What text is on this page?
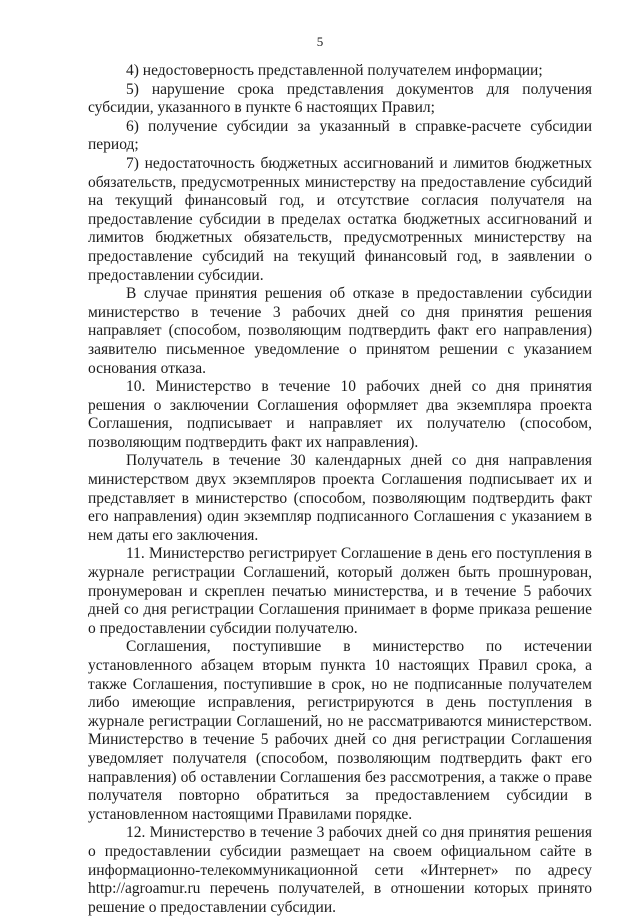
5

4) недостоверность представленной получателем информации;

5) нарушение срока представления документов для получения субсидии, указанного в пункте 6 настоящих Правил;

6) получение субсидии за указанный в справке-расчете субсидии период;

7) недостаточность бюджетных ассигнований и лимитов бюджетных обязательств, предусмотренных министерству на предоставление субсидий на текущий финансовый год, и отсутствие согласия получателя на предоставление субсидии в пределах остатка бюджетных ассигнований и лимитов бюджетных обязательств, предусмотренных министерству на предоставление субсидий на текущий финансовый год, в заявлении о предоставлении субсидии.

В случае принятия решения об отказе в предоставлении субсидии министерство в течение 3 рабочих дней со дня принятия решения направляет (способом, позволяющим подтвердить факт его направления) заявителю письменное уведомление о принятом решении с указанием основания отказа.

10. Министерство в течение 10 рабочих дней со дня принятия решения о заключении Соглашения оформляет два экземпляра проекта Соглашения, подписывает и направляет их получателю (способом, позволяющим подтвердить факт их направления).

Получатель в течение 30 календарных дней со дня направления министерством двух экземпляров проекта Соглашения подписывает их и представляет в министерство (способом, позволяющим подтвердить факт его направления) один экземпляр подписанного Соглашения с указанием в нем даты его заключения.

11. Министерство регистрирует Соглашение в день его поступления в журнале регистрации Соглашений, который должен быть прошнурован, пронумерован и скреплен печатью министерства, и в течение 5 рабочих дней со дня регистрации Соглашения принимает в форме приказа решение о предоставлении субсидии получателю.

Соглашения, поступившие в министерство по истечении установленного абзацем вторым пункта 10 настоящих Правил срока, а также Соглашения, поступившие в срок, но не подписанные получателем либо имеющие исправления, регистрируются в день поступления в журнале регистрации Соглашений, но не рассматриваются министерством. Министерство в течение 5 рабочих дней со дня регистрации Соглашения уведомляет получателя (способом, позволяющим подтвердить факт его направления) об оставлении Соглашения без рассмотрения, а также о праве получателя повторно обратиться за предоставлением субсидии в установленном настоящими Правилами порядке.

12. Министерство в течение 3 рабочих дней со дня принятия решения о предоставлении субсидии размещает на своем официальном сайте в информационно-телекоммуникационной сети «Интернет» по адресу http://agroamur.ru перечень получателей, в отношении которых принято решение о предоставлении субсидии.
